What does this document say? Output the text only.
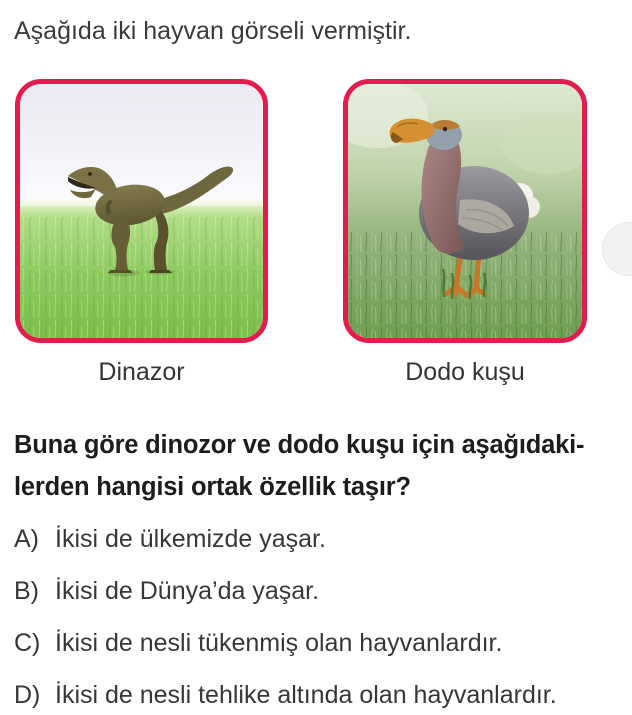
Aşağıda iki hayvan görseli vermiştir.
Dinazor	Dodo kuşu
Buna göre dinozor ve dodo kuşu için aşağıdaki-
lerden hangisi ortak özellik taşır?
A) İkisi de ülkemizde yaşar.
B) İkisi de Dünya’da yaşar.
C) İkisi de nesli tükenmiş olan hayvanlardır.
D) İkisi de nesli tehlike altında olan hayvanlardır.
